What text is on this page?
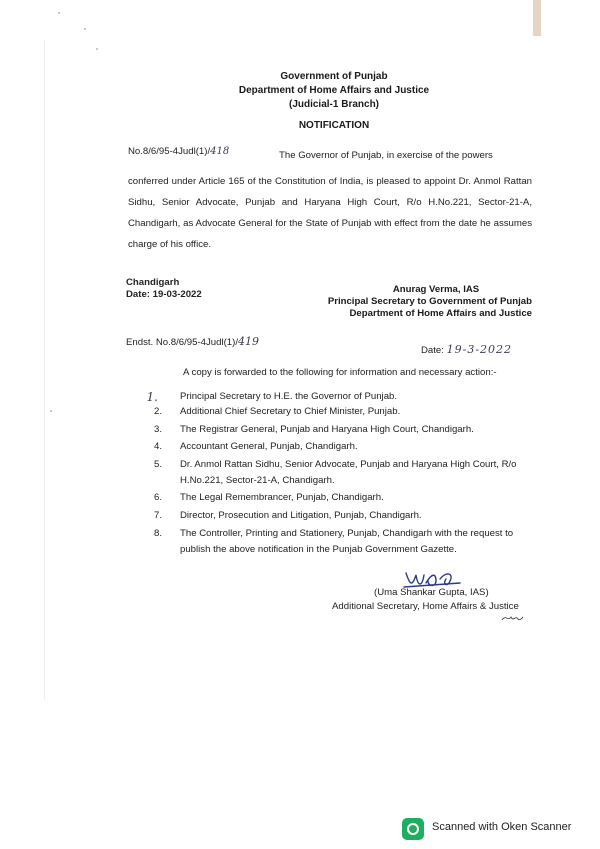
Government of Punjab
Department of Home Affairs and Justice
(Judicial-1 Branch)
NOTIFICATION
No.8/6/95-4Judl(1)/418	The Governor of Punjab, in exercise of the powers
conferred under Article 165 of the Constitution of India, is pleased to appoint Dr. Anmol Rattan Sidhu, Senior Advocate, Punjab and Haryana High Court, R/o H.No.221, Sector-21-A, Chandigarh, as Advocate General for the State of Punjab with effect from the date he assumes charge of his office.
Chandigarh
Date: 19-03-2022	Anurag Verma, IAS
Principal Secretary to Government of Punjab
Department of Home Affairs and Justice
Endst. No.8/6/95-4Judl(1)/419
Date: 19-3-2022
A copy is forwarded to the following for information and necessary action:-
1. Principal Secretary to H.E. the Governor of Punjab.
2. Additional Chief Secretary to Chief Minister, Punjab.
3. The Registrar General, Punjab and Haryana High Court, Chandigarh.
4. Accountant General, Punjab, Chandigarh.
5. Dr. Anmol Rattan Sidhu, Senior Advocate, Punjab and Haryana High Court, R/o H.No.221, Sector-21-A, Chandigarh.
6. The Legal Remembrancer, Punjab, Chandigarh.
7. Director, Prosecution and Litigation, Punjab, Chandigarh.
8. The Controller, Printing and Stationery, Punjab, Chandigarh with the request to publish the above notification in the Punjab Government Gazette.
(Uma Shankar Gupta, IAS)
Additional Secretary, Home Affairs & Justice
Scanned with Oken Scanner
